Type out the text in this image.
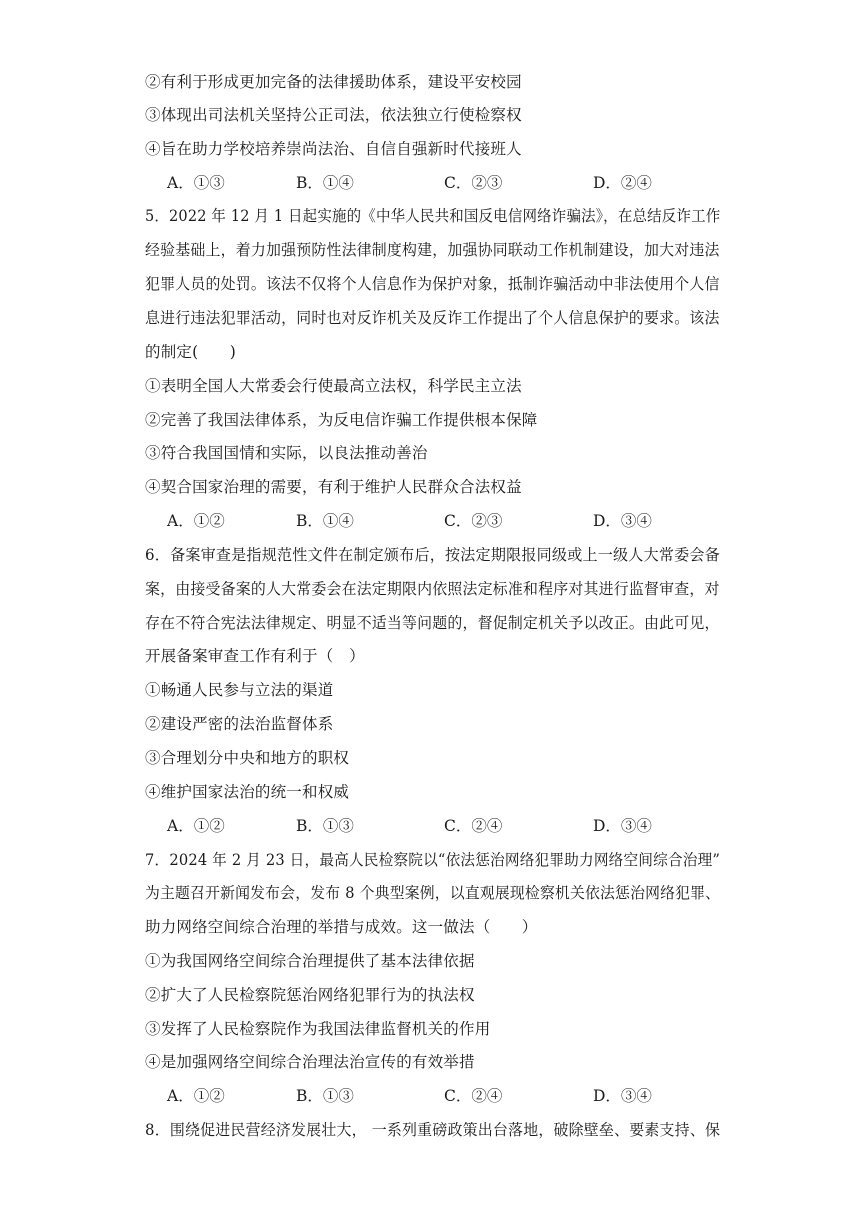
②有利于形成更加完备的法律援助体系，建设平安校园
③体现出司法机关坚持公正司法，依法独立行使检察权
④旨在助力学校培养崇尚法治、自信自强新时代接班人
A．①③	B．①④	C．②③	D．②④
5．2022 年 12 月 1 日起实施的《中华人民共和国反电信网络诈骗法》，在总结反诈工作
经验基础上，着力加强预防性法律制度构建，加强协同联动工作机制建设，加大对违法
犯罪人员的处罚。该法不仅将个人信息作为保护对象，抵制诈骗活动中非法使用个人信
息进行违法犯罪活动，同时也对反诈机关及反诈工作提出了个人信息保护的要求。该法
的制定(　　)
①表明全国人大常委会行使最高立法权，科学民主立法
②完善了我国法律体系，为反电信诈骗工作提供根本保障
③符合我国国情和实际，以良法推动善治
④契合国家治理的需要，有利于维护人民群众合法权益
A．①②	B．①④	C．②③	D．③④
6．备案审查是指规范性文件在制定颁布后，按法定期限报同级或上一级人大常委会备
案，由接受备案的人大常委会在法定期限内依照法定标准和程序对其进行监督审查，对
存在不符合宪法法律规定、明显不适当等问题的，督促制定机关予以改正。由此可见，
开展备案审查工作有利于（　）
①畅通人民参与立法的渠道
②建设严密的法治监督体系
③合理划分中央和地方的职权
④维护国家法治的统一和权威
A．①②	B．①③	C．②④	D．③④
7．2024 年 2 月 23 日，最高人民检察院以“依法惩治网络犯罪助力网络空间综合治理”
为主题召开新闻发布会，发布 8 个典型案例，以直观展现检察机关依法惩治网络犯罪、
助力网络空间综合治理的举措与成效。这一做法（　　）
①为我国网络空间综合治理提供了基本法律依据
②扩大了人民检察院惩治网络犯罪行为的执法权
③发挥了人民检察院作为我国法律监督机关的作用
④是加强网络空间综合治理法治宣传的有效举措
A．①②	B．①③	C．②④	D．③④
8．围绕促进民营经济发展壮大， 一系列重磅政策出台落地，破除壁垒、要素支持、保
